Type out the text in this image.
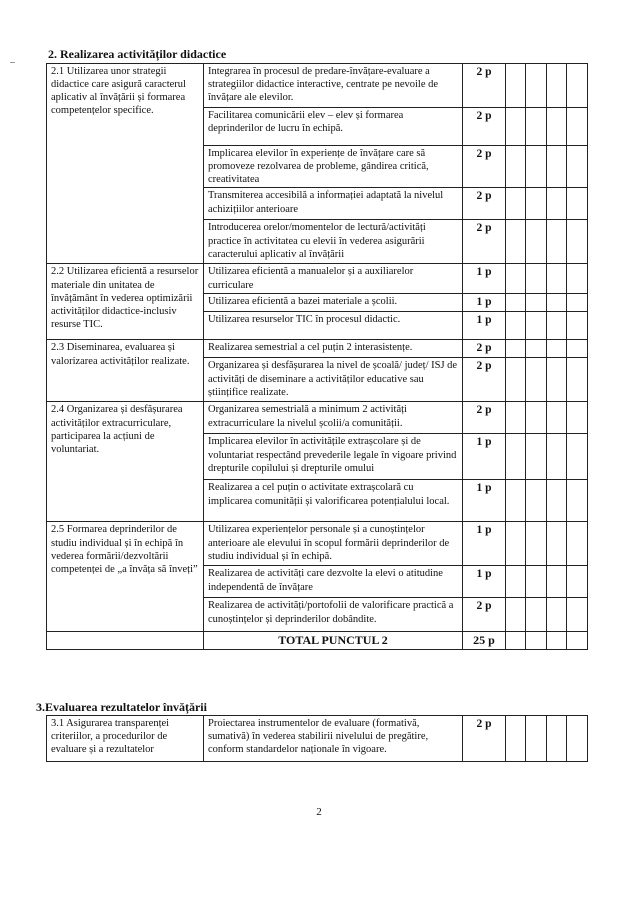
2. Realizarea activităților didactice
2.1 Utilizarea unor strategii didactice care asigură caracterul aplicativ al învățării și formarea competențelor specifice.	Integrarea în procesul de predare-învățare-evaluare a strategiilor didactice interactive, centrate pe nevoile de învățare ale elevilor.	2 p				
	Facilitarea comunicării elev – elev și formarea deprinderilor de lucru în echipă.	2 p				
	Implicarea elevilor în experiențe de învățare care să promoveze rezolvarea de probleme, gândirea critică, creativitatea	2 p				
	Transmiterea accesibilă a informației adaptată la nivelul achizițiilor anterioare	2 p				
	Introducerea orelor/momentelor de lectură/activități practice în activitatea cu elevii în vederea asigurării caracterului aplicativ al învățării	2 p				
2.2 Utilizarea eficientă a resurselor materiale din unitatea de învățământ în vederea optimizării activităților didactice-inclusiv resurse TIC.	Utilizarea eficientă a manualelor și a auxiliarelor curriculare	1 p				
	Utilizarea eficientă a bazei materiale a școlii.	1 p				
	Utilizarea resurselor TIC în procesul didactic.	1 p				
2.3 Diseminarea, evaluarea și valorizarea activităților realizate.	Realizarea semestrial a cel puțin 2 interasistențe.	2 p				
	Organizarea și desfășurarea la nivel de școală/ județ/ ISJ de activități de diseminare a activităților educative sau științifice realizate.	2 p				
2.4 Organizarea și desfășurarea activităților extracurriculare, participarea la acțiuni de voluntariat.	Organizarea semestrială a minimum 2 activități extracurriculare la nivelul școlii/a comunității.	2 p				
	Implicarea elevilor în activitățile extrașcolare și de voluntariat respectând prevederile legale în vigoare privind drepturile copilului și drepturile omului	1 p				
	Realizarea a cel puțin o activitate extrașcolară cu implicarea comunității și valorificarea potențialului local.	1 p				
2.5 Formarea deprinderilor de studiu individual și în echipă în vederea formării/dezvoltării competenței de „a învăța să înveți”	Utilizarea experiențelor personale și a cunoștințelor anterioare ale elevului în scopul formării deprinderilor de studiu individual și în echipă.	1 p				
	Realizarea de activități care dezvolte la elevi o atitudine independentă de învățare	1 p				
	Realizarea de activități/portofolii de valorificare practică a cunoștințelor și deprinderilor dobândite.	2 p				
	TOTAL PUNCTUL 2	25 p				
3.Evaluarea rezultatelor învățării
3.1 Asigurarea transparenței criteriilor, a procedurilor de evaluare și a rezultatelor	Proiectarea instrumentelor de evaluare (formativă, sumativă) în vederea stabilirii nivelului de pregătire, conform standardelor naționale în vigoare.	2 p				

2
